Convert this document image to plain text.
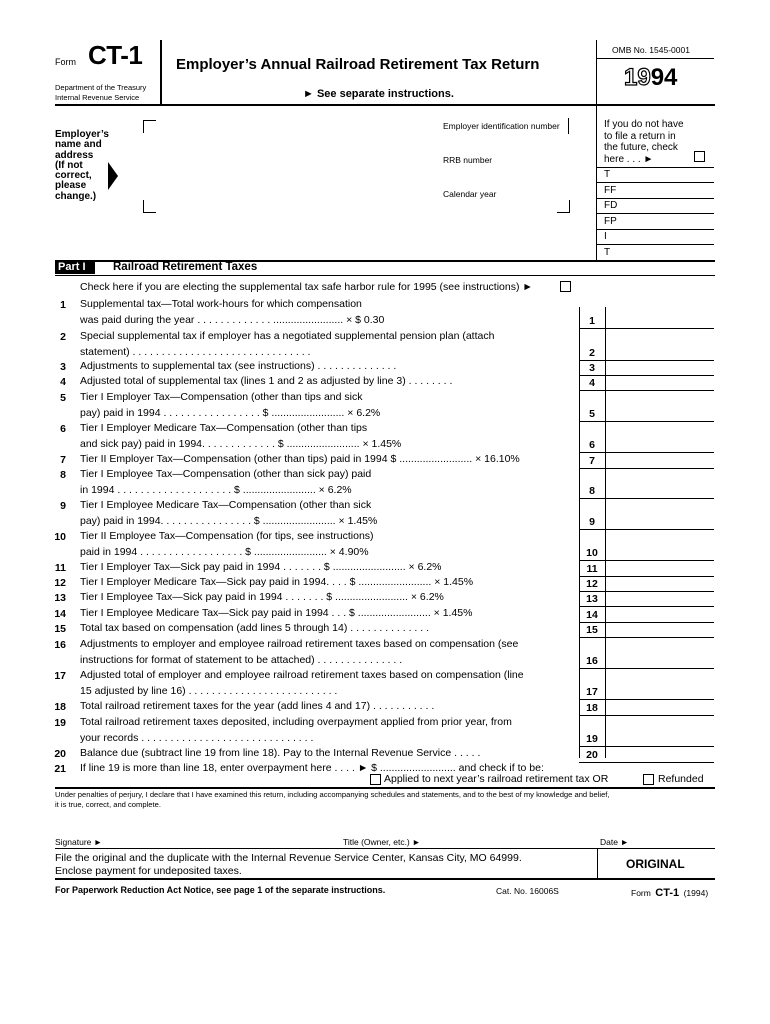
Form CT-1
Department of the Treasury
Internal Revenue Service
Employer’s Annual Railroad Retirement Tax Return
► See separate instructions.
OMB No. 1545-0001
1994
Employer’s
name and
address
(If not
correct,
please
change.)
Employer identification number
RRB number
Calendar year
If you do not have
to file a return in
the future, check
here . . . ►
T
FF
FD
FP
I
T
Part I Railroad Retirement Taxes
Check here if you are electing the supplemental tax safe harbor rule for 1995 (see instructions) ►
1 Supplemental tax—Total work-hours for which compensation
was paid during the year . . . . . . . . . . . . . ........................ × $ 0.30	1
2 Special supplemental tax if employer has a negotiated supplemental pension plan (attach
statement) . . . . . . . . . . . . . . . . . . . . . . . . . . . . . . .	2
3 Adjustments to supplemental tax (see instructions) . . . . . . . . . . . . . .	3
4 Adjusted total of supplemental tax (lines 1 and 2 as adjusted by line 3) . . . . . . . .	4
5 Tier I Employer Tax—Compensation (other than tips and sick
pay) paid in 1994 . . . . . . . . . . . . . . . . . $ ......................... × 6.2%	5
6 Tier I Employer Medicare Tax—Compensation (other than tips
and sick pay) paid in 1994. . . . . . . . . . . . . $ ......................... × 1.45%	6
7 Tier II Employer Tax—Compensation (other than tips) paid in 1994 $ ......................... × 16.10%	7
8 Tier I Employee Tax—Compensation (other than sick pay) paid
in 1994 . . . . . . . . . . . . . . . . . . . . $ ......................... × 6.2%	8
9 Tier I Employee Medicare Tax—Compensation (other than sick
pay) paid in 1994. . . . . . . . . . . . . . . . $ ......................... × 1.45%	9
10 Tier II Employee Tax—Compensation (for tips, see instructions)
paid in 1994 . . . . . . . . . . . . . . . . . . $ ......................... × 4.90%	10
11 Tier I Employer Tax—Sick pay paid in 1994 . . . . . . . $ ......................... × 6.2%	11
12 Tier I Employer Medicare Tax—Sick pay paid in 1994. . . . $ ......................... × 1.45%	12
13 Tier I Employee Tax—Sick pay paid in 1994 . . . . . . . $ ......................... × 6.2%	13
14 Tier I Employee Medicare Tax—Sick pay paid in 1994 . . . $ ......................... × 1.45%	14
15 Total tax based on compensation (add lines 5 through 14) . . . . . . . . . . . . . .	15
16 Adjustments to employer and employee railroad retirement taxes based on compensation (see
instructions for format of statement to be attached) . . . . . . . . . . . . . . .	16
17 Adjusted total of employer and employee railroad retirement taxes based on compensation (line
15 adjusted by line 16) . . . . . . . . . . . . . . . . . . . . . . . . . .	17
18 Total railroad retirement taxes for the year (add lines 4 and 17) . . . . . . . . . . .	18
19 Total railroad retirement taxes deposited, including overpayment applied from prior year, from
your records . . . . . . . . . . . . . . . . . . . . . . . . . . . . . .	19
20 Balance due (subtract line 19 from line 18). Pay to the Internal Revenue Service . . . . .	20
21 If line 19 is more than line 18, enter overpayment here . . . . ► $ .......................... and check if to be:
Applied to next year’s railroad retirement tax OR	Refunded
Under penalties of perjury, I declare that I have examined this return, including accompanying schedules and statements, and to the best of my knowledge and belief,
it is true, correct, and complete.
Signature ►	Title (Owner, etc.) ►	Date ►
File the original and the duplicate with the Internal Revenue Service Center, Kansas City, MO 64999.
Enclose payment for undeposited taxes.	ORIGINAL
For Paperwork Reduction Act Notice, see page 1 of the separate instructions.	Cat. No. 16006S	Form CT-1 (1994)
